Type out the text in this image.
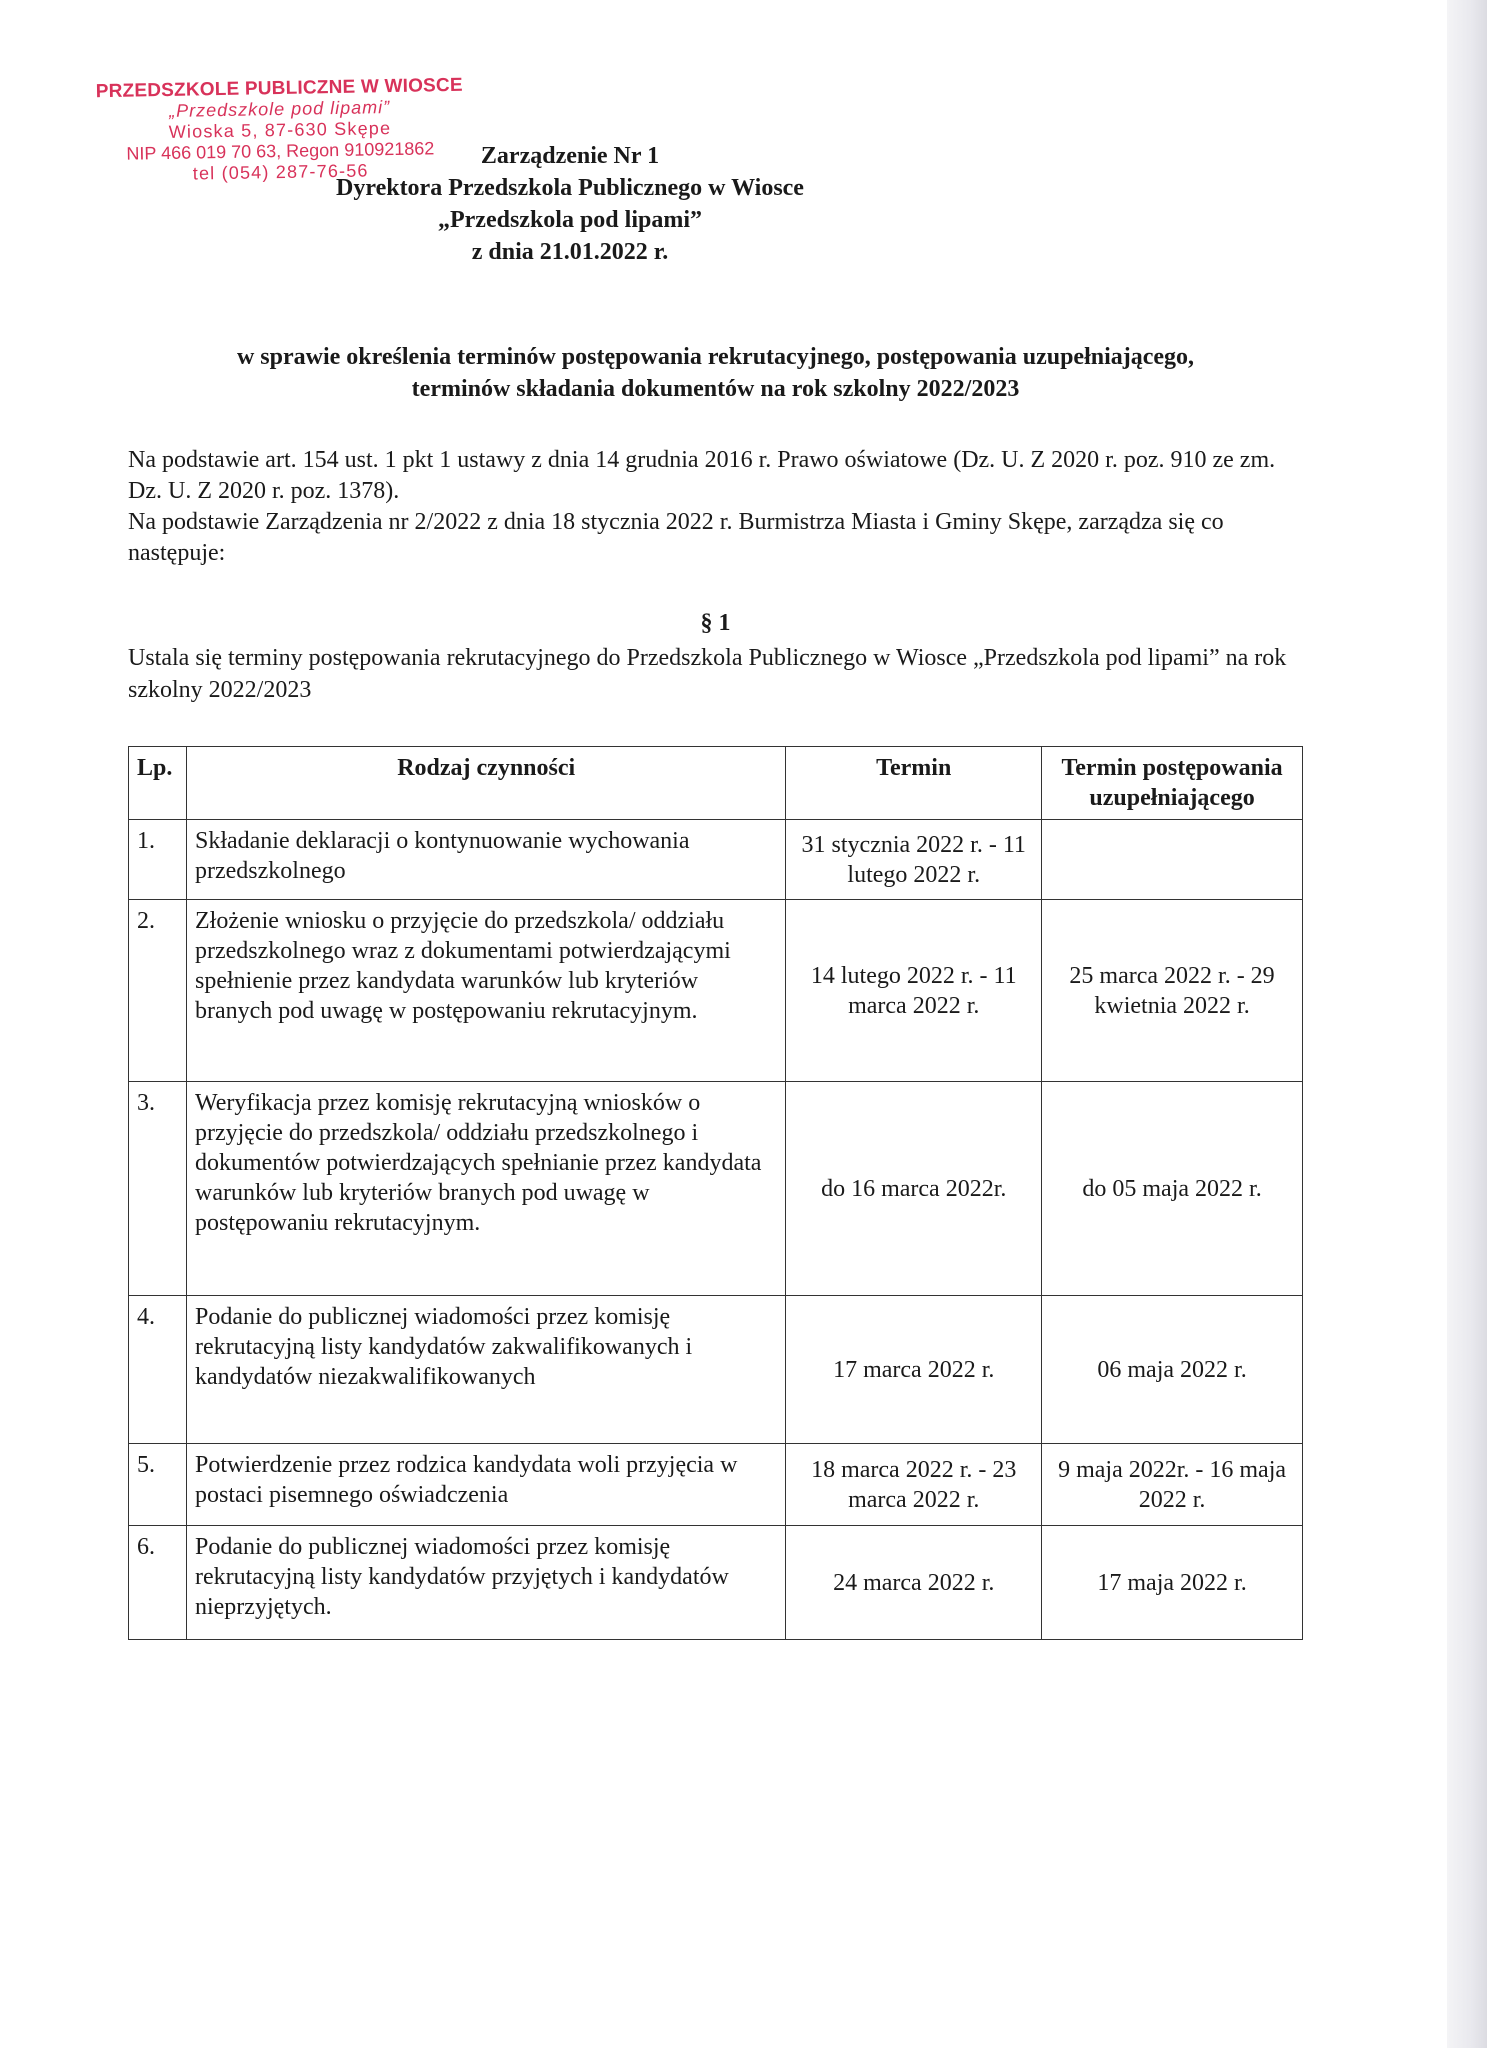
PRZEDSZKOLE PUBLICZNE W WIOSCE
„Przedszkole pod lipami”
Wioska 5, 87-630 Skępe
NIP 466 019 70 63, Regon 910921862
tel (054) 287-76-56
Zarządzenie Nr 1
Dyrektora Przedszkola Publicznego w Wiosce
„Przedszkola pod lipami”
z dnia 21.01.2022 r.
w sprawie określenia terminów postępowania rekrutacyjnego, postępowania uzupełniającego,
terminów składania dokumentów na rok szkolny 2022/2023
Na podstawie art. 154 ust. 1 pkt 1 ustawy z dnia 14 grudnia 2016 r. Prawo oświatowe (Dz. U. Z 2020 r. poz. 910 ze zm. Dz. U. Z 2020 r. poz. 1378).
Na podstawie Zarządzenia nr 2/2022 z dnia 18 stycznia 2022 r. Burmistrza Miasta i Gminy Skępe, zarządza się co następuje:
§ 1
Ustala się terminy postępowania rekrutacyjnego do Przedszkola Publicznego w Wiosce „Przedszkola pod lipami” na rok szkolny 2022/2023
Lp.	Rodzaj czynności	Termin	Termin postępowania uzupełniającego
1.	Składanie deklaracji o kontynuowanie wychowania przedszkolnego	31 stycznia 2022 r. - 11 lutego 2022 r.	
2.	Złożenie wniosku o przyjęcie do przedszkola/ oddziału przedszkolnego wraz z dokumentami potwierdzającymi spełnienie przez kandydata warunków lub kryteriów branych pod uwagę w postępowaniu rekrutacyjnym.	14 lutego 2022 r. - 11 marca 2022 r.	25 marca 2022 r. - 29 kwietnia 2022 r.
3.	Weryfikacja przez komisję rekrutacyjną wniosków o przyjęcie do przedszkola/ oddziału przedszkolnego i dokumentów potwierdzających spełnianie przez kandydata warunków lub kryteriów branych pod uwagę w postępowaniu rekrutacyjnym.	do 16 marca 2022r.	do 05 maja 2022 r.
4.	Podanie do publicznej wiadomości przez komisję rekrutacyjną listy kandydatów zakwalifikowanych i kandydatów niezakwalifikowanych	17 marca 2022 r.	06 maja 2022 r.
5.	Potwierdzenie przez rodzica kandydata woli przyjęcia w postaci pisemnego oświadczenia	18 marca 2022 r. - 23 marca 2022 r.	9 maja 2022r. - 16 maja 2022 r.
6.	Podanie do publicznej wiadomości przez komisję rekrutacyjną listy kandydatów przyjętych i kandydatów nieprzyjętych.	24 marca 2022 r.	17 maja 2022 r.
